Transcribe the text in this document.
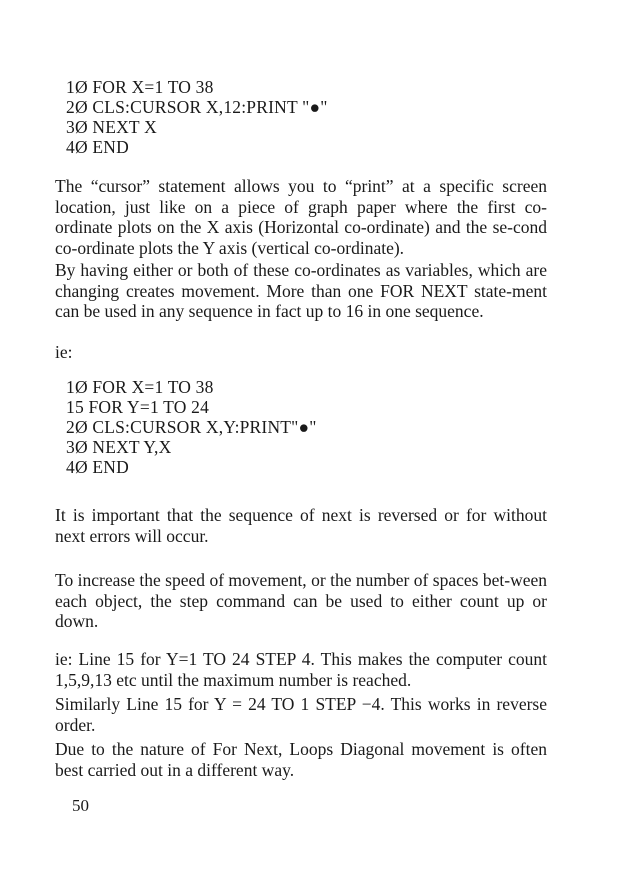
1Ø FOR X=1 TO 38
2Ø CLS:CURSOR X,12:PRINT "●"
3Ø NEXT X
4Ø END
The “cursor” statement allows you to “print” at a specific screen location, just like on a piece of graph paper where the first co-ordinate plots on the X axis (Horizontal co-ordinate) and the se-cond co-ordinate plots the Y axis (vertical co-ordinate).
By having either or both of these co-ordinates as variables, which are changing creates movement. More than one FOR NEXT state-ment can be used in any sequence in fact up to 16 in one sequence.
ie:
1Ø FOR X=1 TO 38
15 FOR Y=1 TO 24
2Ø CLS:CURSOR X,Y:PRINT"●"
3Ø NEXT Y,X
4Ø END
It is important that the sequence of next is reversed or for without next errors will occur.
To increase the speed of movement, or the number of spaces bet-ween each object, the step command can be used to either count up or down.
ie: Line 15 for Y=1 TO 24 STEP 4. This makes the computer count 1,5,9,13 etc until the maximum number is reached.
Similarly Line 15 for Y = 24 TO 1 STEP −4. This works in reverse order.
Due to the nature of For Next, Loops Diagonal movement is often best carried out in a different way.
50
